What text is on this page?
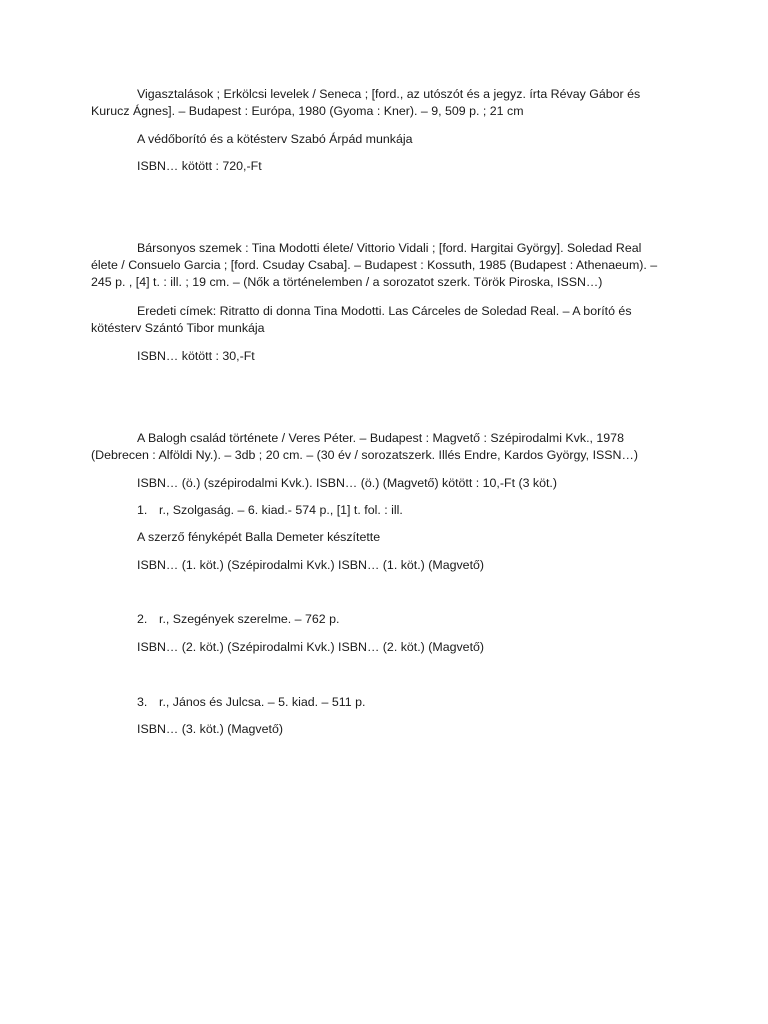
Vigasztalások ; Erkölcsi levelek / Seneca ; [ford., az utószót és a jegyz. írta Révay Gábor és Kurucz Ágnes]. – Budapest : Európa, 1980 (Gyoma : Kner). – 9, 509 p. ; 21 cm

A védőborító és a kötésterv Szabó Árpád munkája

ISBN… kötött : 720,-Ft

Bársonyos szemek : Tina Modotti élete/ Vittorio Vidali ; [ford. Hargitai György]. Soledad Real élete / Consuelo Garcia ; [ford. Csuday Csaba]. – Budapest : Kossuth, 1985 (Budapest : Athenaeum). – 245 p. , [4] t. : ill. ; 19 cm. – (Nők a történelemben / a sorozatot szerk. Török Piroska, ISSN…)

Eredeti címek: Ritratto di donna Tina Modotti. Las Cárceles de Soledad Real. – A borító és kötésterv Szántó Tibor munkája

ISBN… kötött : 30,-Ft

A Balogh család története / Veres Péter. – Budapest : Magvető : Szépirodalmi Kvk., 1978 (Debrecen : Alföldi Ny.). – 3db ; 20 cm. – (30 év / sorozatszerk. Illés Endre, Kardos György, ISSN…)

ISBN… (ö.) (szépirodalmi Kvk.). ISBN… (ö.) (Magvető) kötött : 10,-Ft (3 köt.)

1. r., Szolgaság. – 6. kiad.- 574 p., [1] t. fol. : ill.

A szerző fényképét Balla Demeter készítette

ISBN… (1. köt.) (Szépirodalmi Kvk.) ISBN… (1. köt.) (Magvető)

2. r., Szegények szerelme. – 762 p.

ISBN… (2. köt.) (Szépirodalmi Kvk.) ISBN… (2. köt.) (Magvető)

3. r., János és Julcsa. – 5. kiad. – 511 p.

ISBN… (3. köt.) (Magvető)
